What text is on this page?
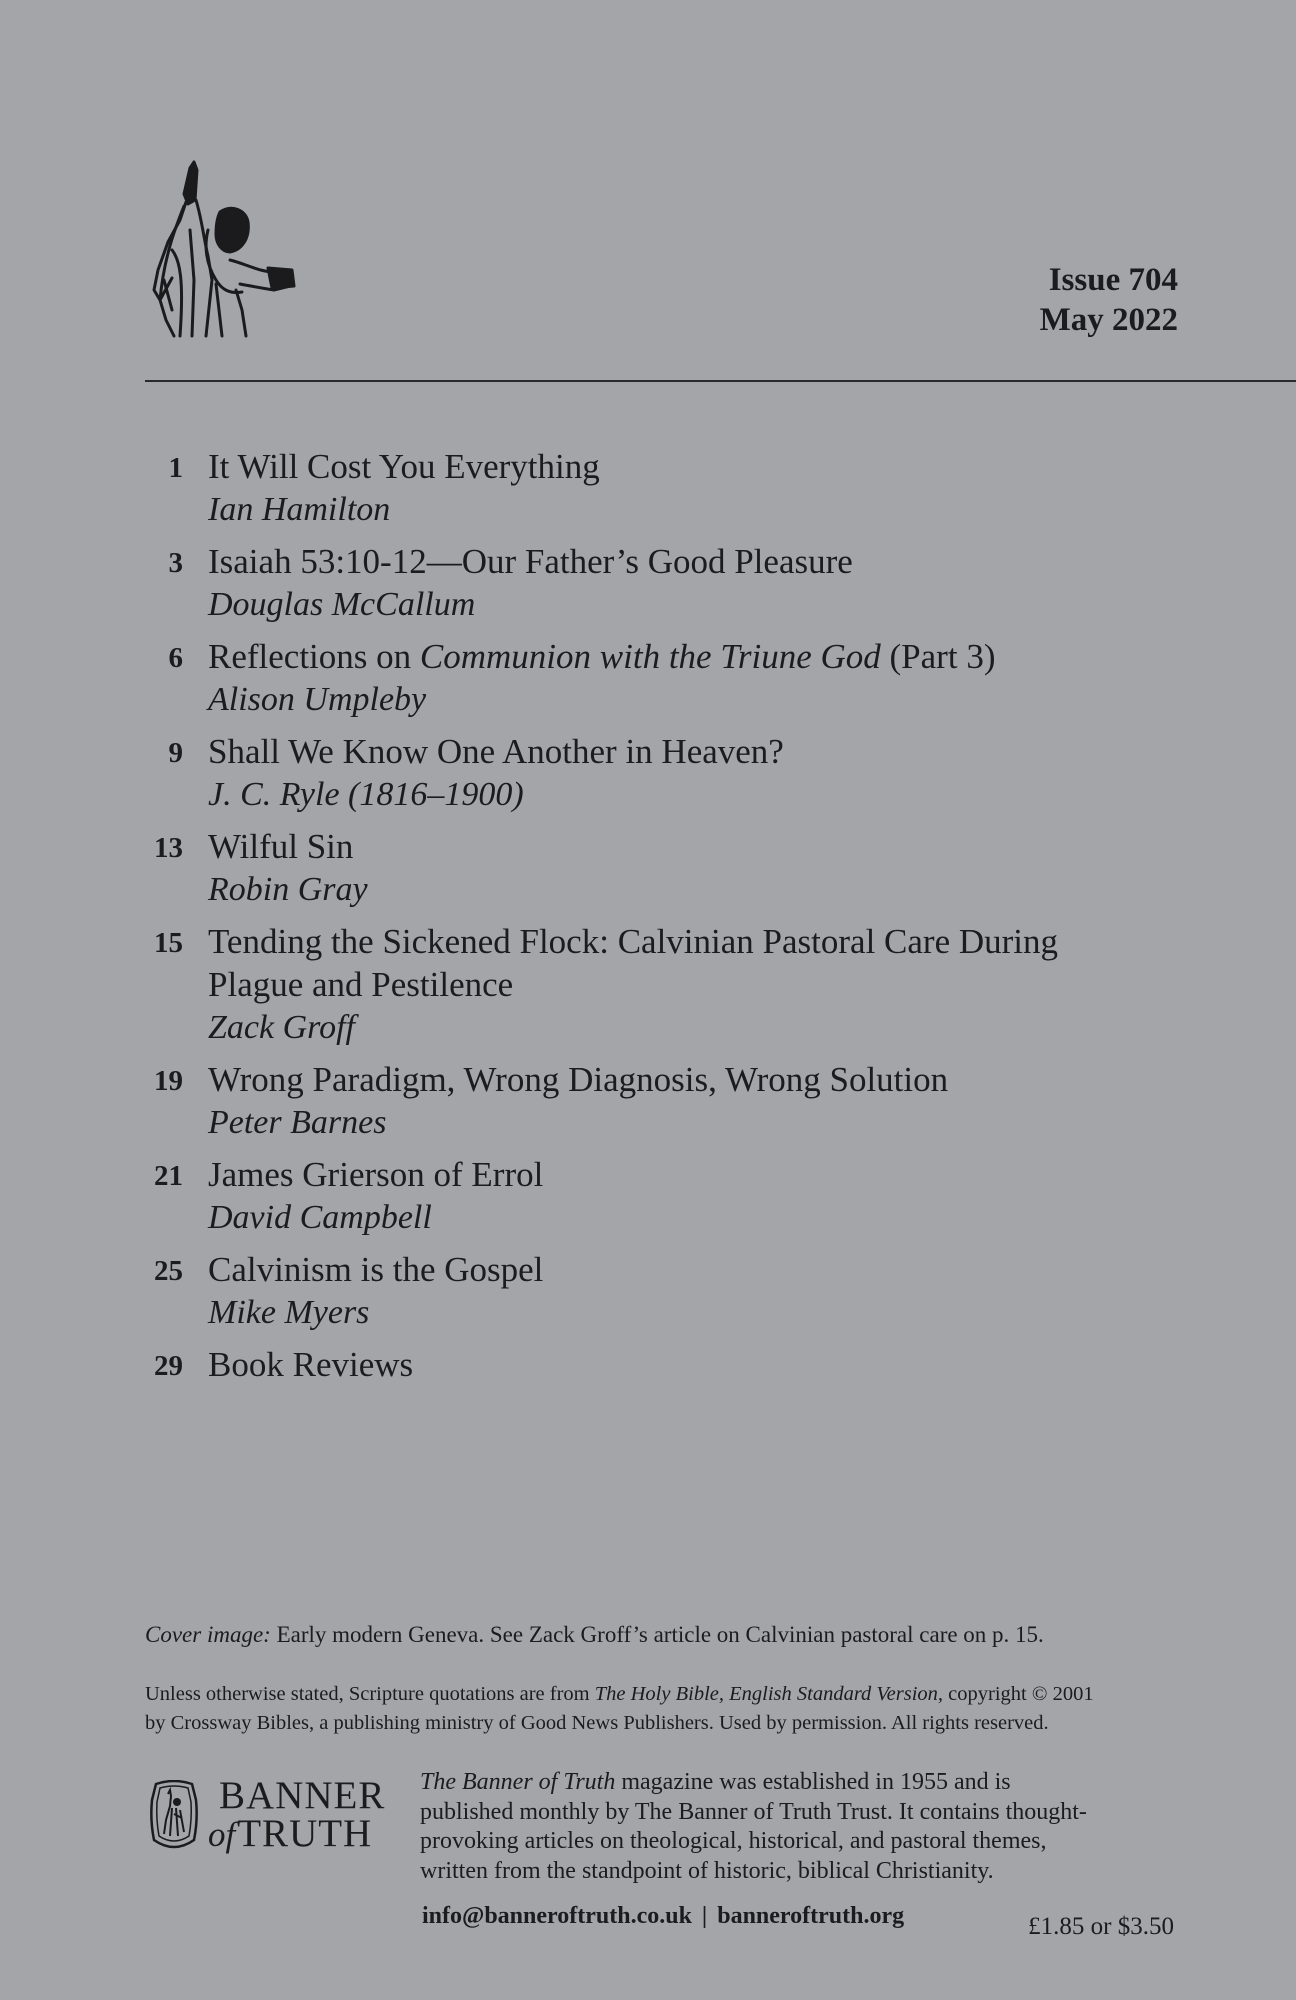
Issue 704
May 2022
1 It Will Cost You Everything
Ian Hamilton
3 Isaiah 53:10-12—Our Father’s Good Pleasure
Douglas McCallum
6 Reflections on Communion with the Triune God (Part 3)
Alison Umpleby
9 Shall We Know One Another in Heaven?
J. C. Ryle (1816–1900)
13 Wilful Sin
Robin Gray
15 Tending the Sickened Flock: Calvinian Pastoral Care During
Plague and Pestilence
Zack Groff
19 Wrong Paradigm, Wrong Diagnosis, Wrong Solution
Peter Barnes
21 James Grierson of Errol
David Campbell
25 Calvinism is the Gospel
Mike Myers
29 Book Reviews
Cover image: Early modern Geneva. See Zack Groff’s article on Calvinian pastoral care on p. 15.
Unless otherwise stated, Scripture quotations are from The Holy Bible, English Standard Version, copyright © 2001
by Crossway Bibles, a publishing ministry of Good News Publishers. Used by permission. All rights reserved.
BANNER
ofTRUTH
The Banner of Truth magazine was established in 1955 and is
published monthly by The Banner of Truth Trust. It contains thought-
provoking articles on theological, historical, and pastoral themes,
written from the standpoint of historic, biblical Christianity.
info@banneroftruth.co.uk | banneroftruth.org	£1.85 or $3.50
